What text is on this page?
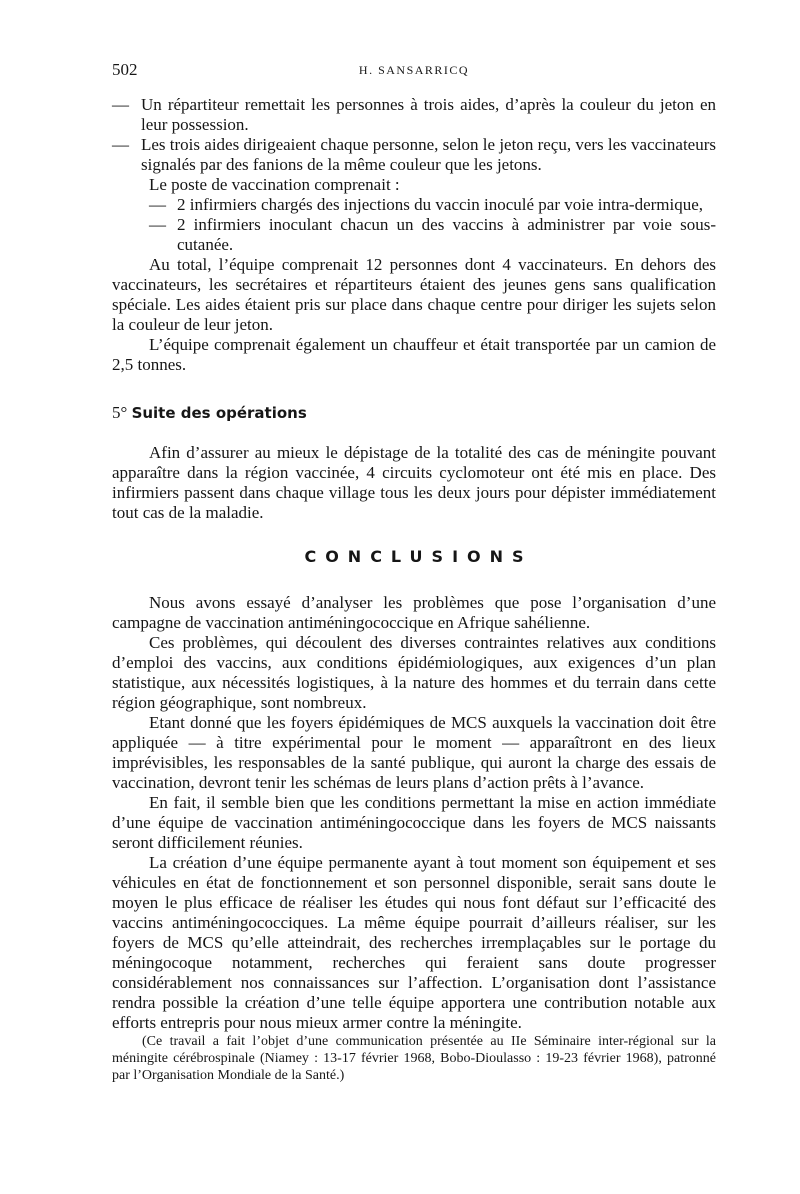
502	H. SANSARRICQ
— Un répartiteur remettait les personnes à trois aides, d’après la couleur du jeton en leur possession.
— Les trois aides dirigeaient chaque personne, selon le jeton reçu, vers les vaccinateurs signalés par des fanions de la même couleur que les jetons.

Le poste de vaccination comprenait :

— 2 infirmiers chargés des injections du vaccin inoculé par voie intra-dermique,
— 2 infirmiers inoculant chacun un des vaccins à administrer par voie sous-cutanée.

Au total, l’équipe comprenait 12 personnes dont 4 vaccinateurs. En dehors des vaccinateurs, les secrétaires et répartiteurs étaient des jeunes gens sans qualification spéciale. Les aides étaient pris sur place dans chaque centre pour diriger les sujets selon la couleur de leur jeton.

L’équipe comprenait également un chauffeur et était transportée par un camion de 2,5 tonnes.

5° Suite des opérations

Afin d’assurer au mieux le dépistage de la totalité des cas de méningite pouvant apparaître dans la région vaccinée, 4 circuits cyclomoteur ont été mis en place. Des infirmiers passent dans chaque village tous les deux jours pour dépister immédiatement tout cas de la maladie.

CONCLUSIONS

Nous avons essayé d’analyser les problèmes que pose l’organisation d’une campagne de vaccination antiméningococcique en Afrique sahélienne.

Ces problèmes, qui découlent des diverses contraintes relatives aux conditions d’emploi des vaccins, aux conditions épidémiologiques, aux exigences d’un plan statistique, aux nécessités logistiques, à la nature des hommes et du terrain dans cette région géographique, sont nombreux.

Etant donné que les foyers épidémiques de MCS auxquels la vaccination doit être appliquée — à titre expérimental pour le moment — apparaîtront en des lieux imprévisibles, les responsables de la santé publique, qui auront la charge des essais de vaccination, devront tenir les schémas de leurs plans d’action prêts à l’avance.

En fait, il semble bien que les conditions permettant la mise en action immédiate d’une équipe de vaccination antiméningococcique dans les foyers de MCS naissants seront difficilement réunies.

La création d’une équipe permanente ayant à tout moment son équipement et ses véhicules en état de fonctionnement et son personnel disponible, serait sans doute le moyen le plus efficace de réaliser les études qui nous font défaut sur l’efficacité des vaccins antiméningococciques. La même équipe pourrait d’ailleurs réaliser, sur les foyers de MCS qu’elle atteindrait, des recherches irremplaçables sur le portage du méningocoque notamment, recherches qui feraient sans doute progresser considérablement nos connaissances sur l’affection. L’organisation dont l’assistance rendra possible la création d’une telle équipe apportera une contribution notable aux efforts entrepris pour nous mieux armer contre la méningite.

(Ce travail a fait l’objet d’une communication présentée au IIe Séminaire inter-régional sur la méningite cérébrospinale (Niamey : 13-17 février 1968, Bobo-Dioulasso : 19-23 février 1968), patronné par l’Organisation Mondiale de la Santé.)
